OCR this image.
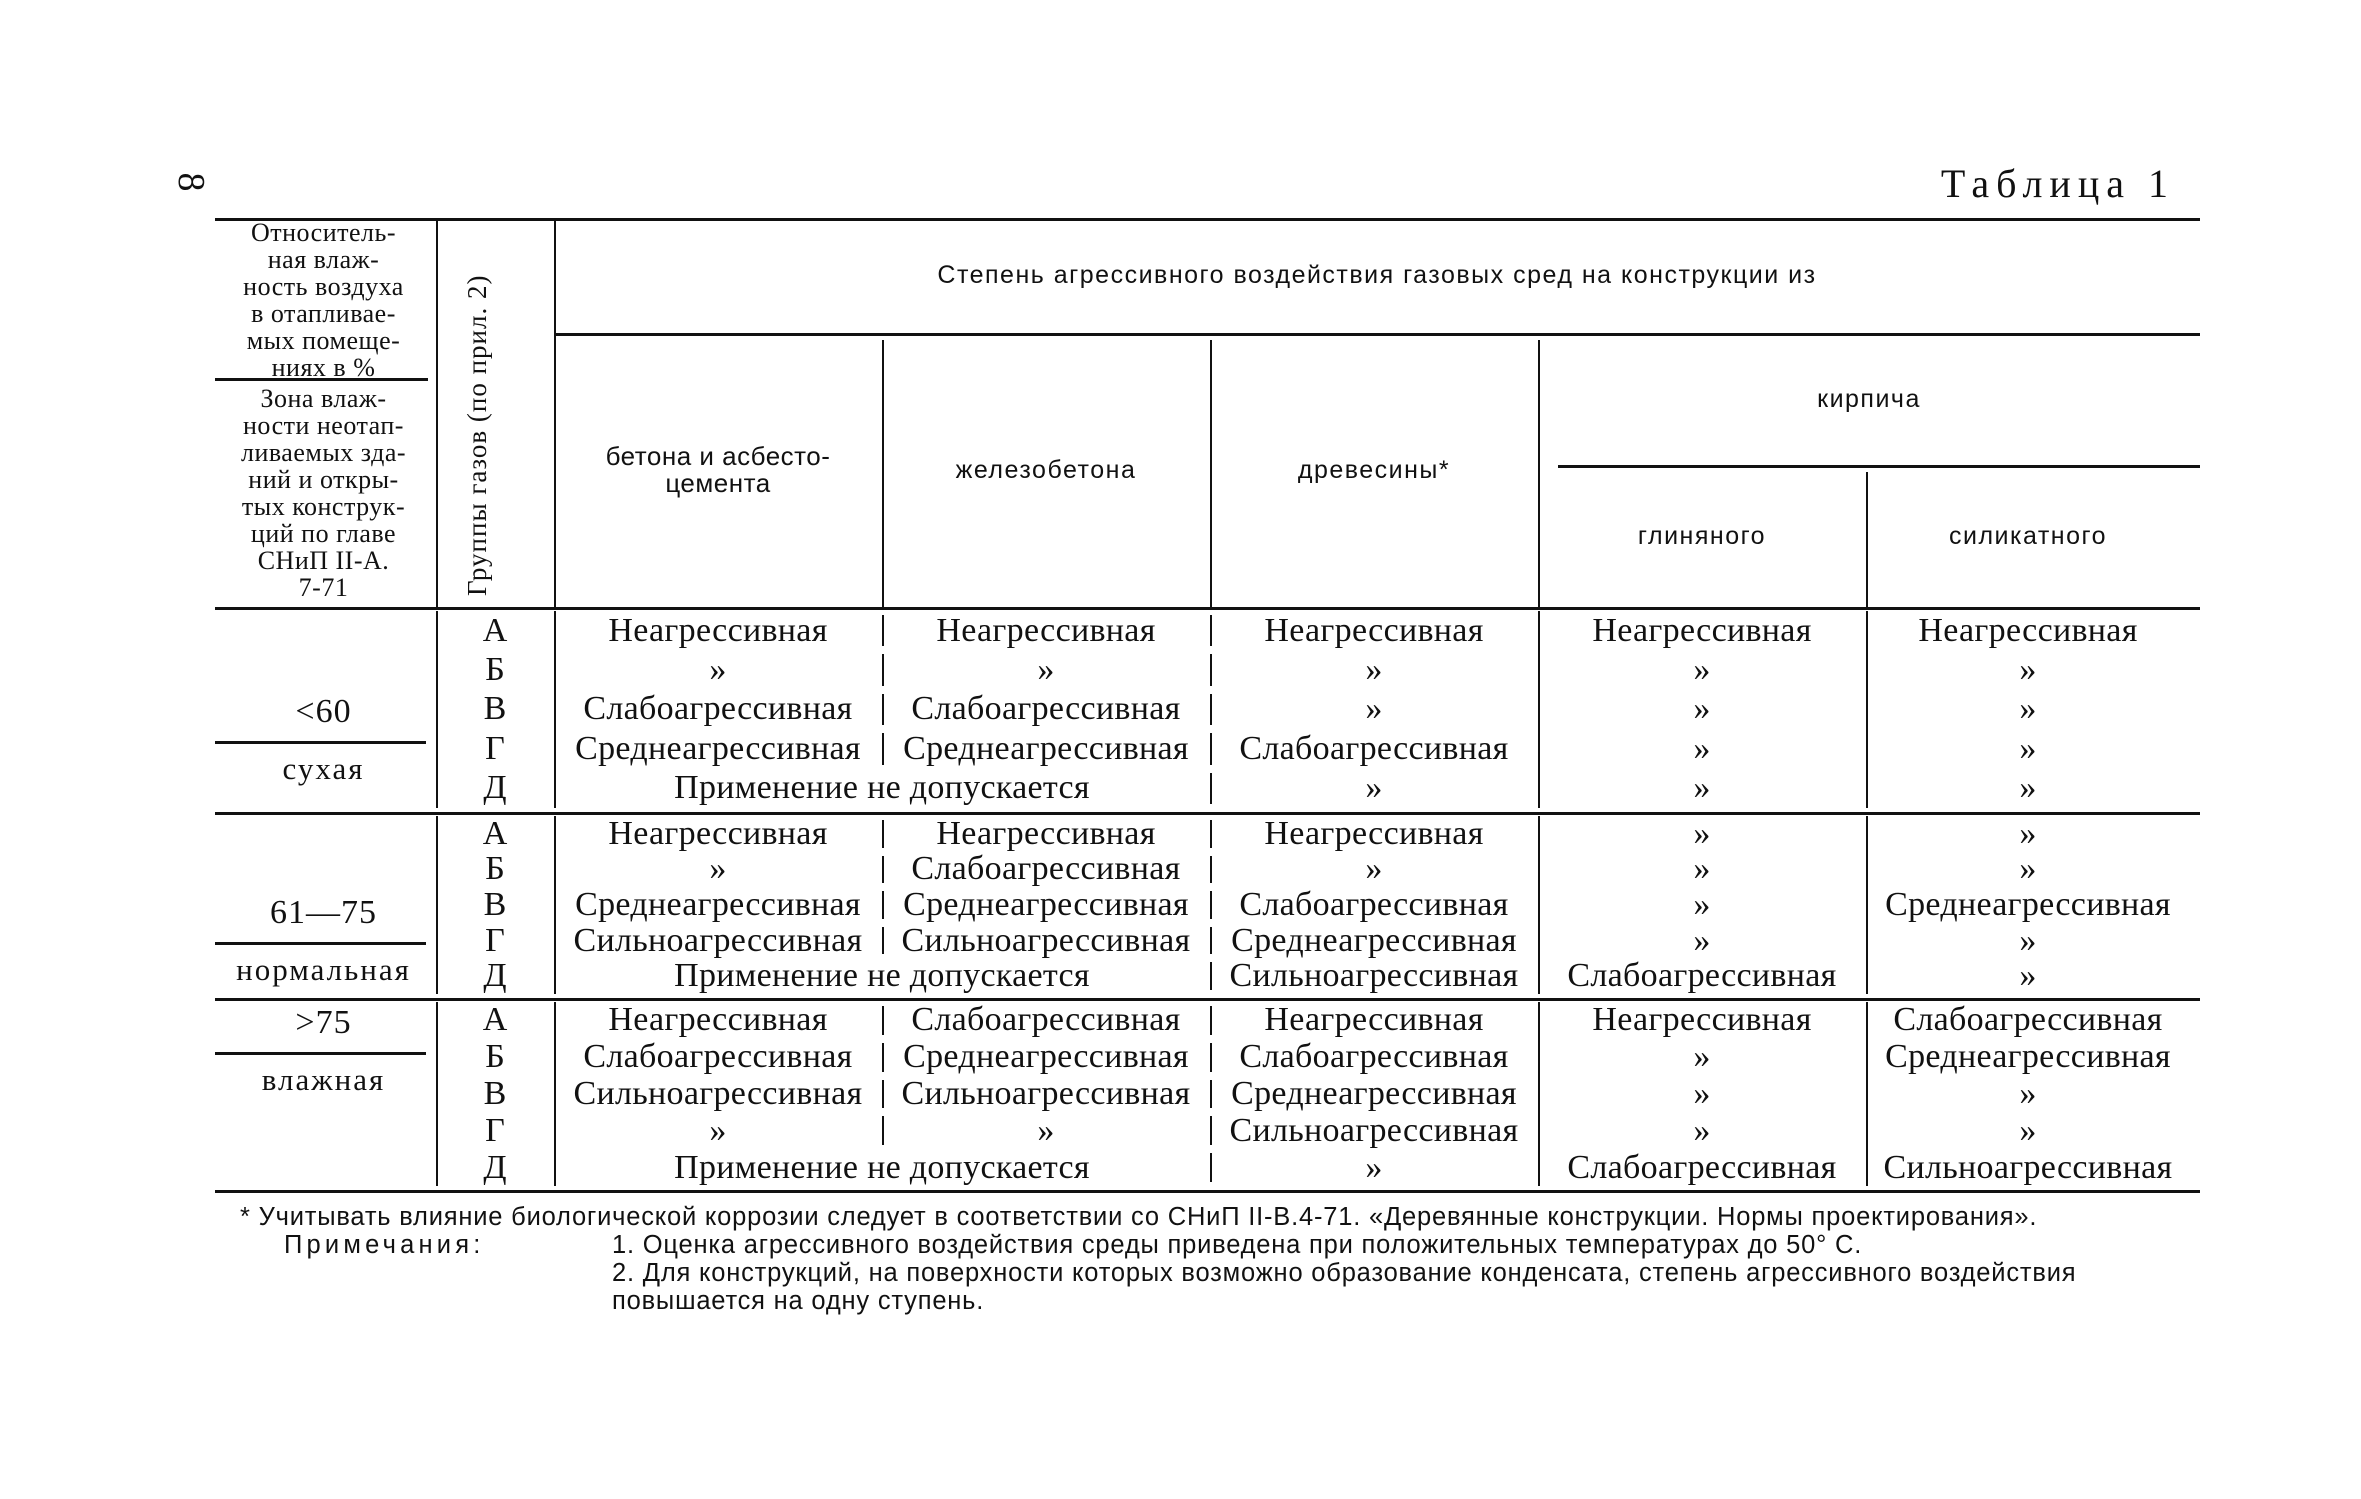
8	Таблица 1
Относитель-
ная влаж-
ность воздуха
в отапливае-
мых помеще-
ниях в %
Зона влаж-
ности неотап-
ливаемых зда-
ний и откры-
тых конструк-
ций по главе
СНиП II-А.
7-71	Группы газов (по прил. 2)	Степень агрессивного воздействия газовых сред на конструкции из
бетона и асбесто-
цемента	железобетона	древесины*
кирпича
глиняного	силикатного
<60
сухая
А	Неагрессивная	Неагрессивная	Неагрессивная	Неагрессивная	Неагрессивная
Б	»	»	»	»	»
В	Слабоагрессивная	Слабоагрессивная	»	»	»
Г	Среднеагрессивная	Среднеагрессивная	Слабоагрессивная	»	»
Д	Применение не допускается	»	»	»
61—75
нормальная
А	Неагрессивная	Неагрессивная	Неагрессивная	»	»
Б	»	Слабоагрессивная	»	»	»
В	Среднеагрессивная	Среднеагрессивная	Слабоагрессивная	»	Среднеагрессивная
Г	Сильноагрессивная	Сильноагрессивная	Среднеагрессивная	»	»
Д	Применение не допускается	Сильноагрессивная	Слабоагрессивная	»
>75
влажная
А	Неагрессивная	Слабоагрессивная	Неагрессивная	Неагрессивная	Слабоагрессивная
Б	Слабоагрессивная	Среднеагрессивная	Слабоагрессивная	»	Среднеагрессивная
В	Сильноагрессивная	Сильноагрессивная	Среднеагрессивная	»	»
Г	»	»	Сильноагрессивная	»	»
Д	Применение не допускается	»	Слабоагрессивная	Сильноагрессивная

* Учитывать влияние биологической коррозии следует в соответствии со СНиП II-В.4-71. «Деревянные конструкции. Нормы проектирования».

Примечания:	1. Оценка агрессивного воздействия среды приведена при положительных температурах до 50° С.

2. Для конструкций, на поверхности которых возможно образование конденсата, степень агрессивного воздействия повышается на одну ступень.
